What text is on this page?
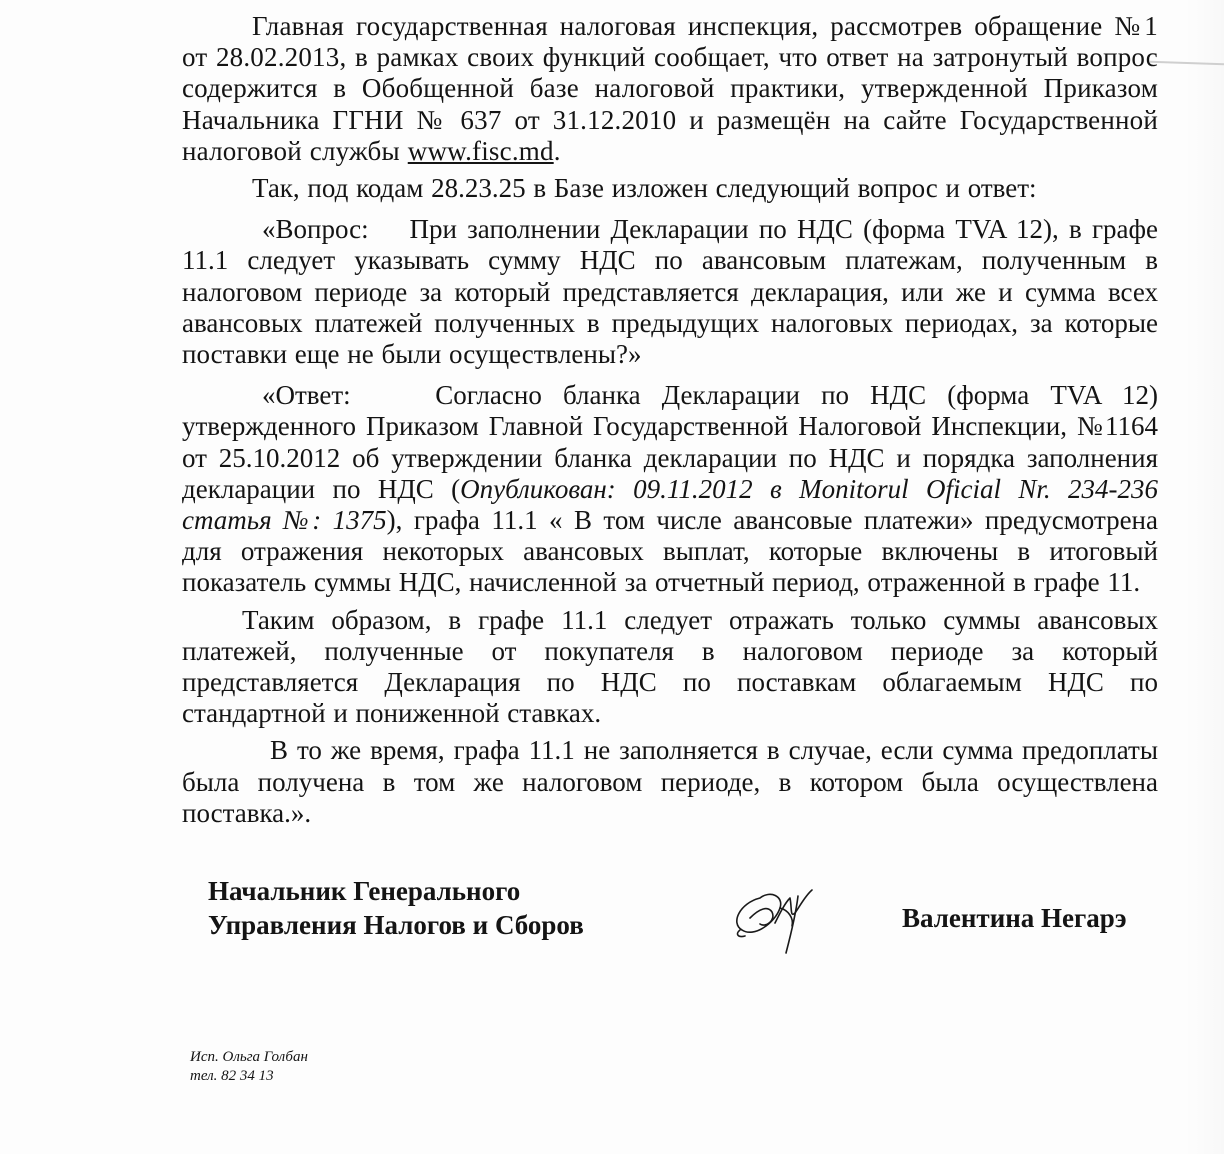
Главная государственная налоговая инспекция, рассмотрев обращение №1 от 28.02.2013, в рамках своих функций сообщает, что ответ на затронутый вопрос содержится в Обобщенной базе налоговой практики, утвержденной Приказом Начальника ГГНИ № 637 от 31.12.2010 и размещён на сайте Государственной налоговой службы www.fisc.md.

Так, под кодам 28.23.25 в Базе изложен следующий вопрос и ответ:

«Вопрос: При заполнении Декларации по НДС (форма TVA 12), в графе 11.1 следует указывать сумму НДС по авансовым платежам, полученным в налоговом периоде за который представляется декларация, или же и сумма всех авансовых платежей полученных в предыдущих налоговых периодах, за которые поставки еще не были осуществлены?»

«Ответ:	Согласно бланка Декларации по НДС (форма TVA 12) утвержденного Приказом Главной Государственной Налоговой Инспекции, №1164 от 25.10.2012 об утверждении бланка декларации по НДС и порядка заполнения декларации по НДС (Опубликован: 09.11.2012 в Monitorul Oficial Nr. 234-236 статья №: 1375), графа 11.1 « В том числе авансовые платежи» предусмотрена для отражения некоторых авансовых выплат, которые включены в итоговый показатель суммы НДС, начисленной за отчетный период, отраженной в графе 11.

Таким образом, в графе 11.1 следует отражать только суммы авансовых платежей, полученные от покупателя в налоговом периоде за который представляется Декларация по НДС по поставкам облагаемым НДС по стандартной и пониженной ставках.

В то же время, графа 11.1 не заполняется в случае, если сумма предоплаты была получена в том же налоговом периоде, в котором была осуществлена поставка.».

Начальник Генерального
Управления Налогов и Сборов	Валентина Негарэ
Исп. Ольга Голбан
тел. 82 34 13
